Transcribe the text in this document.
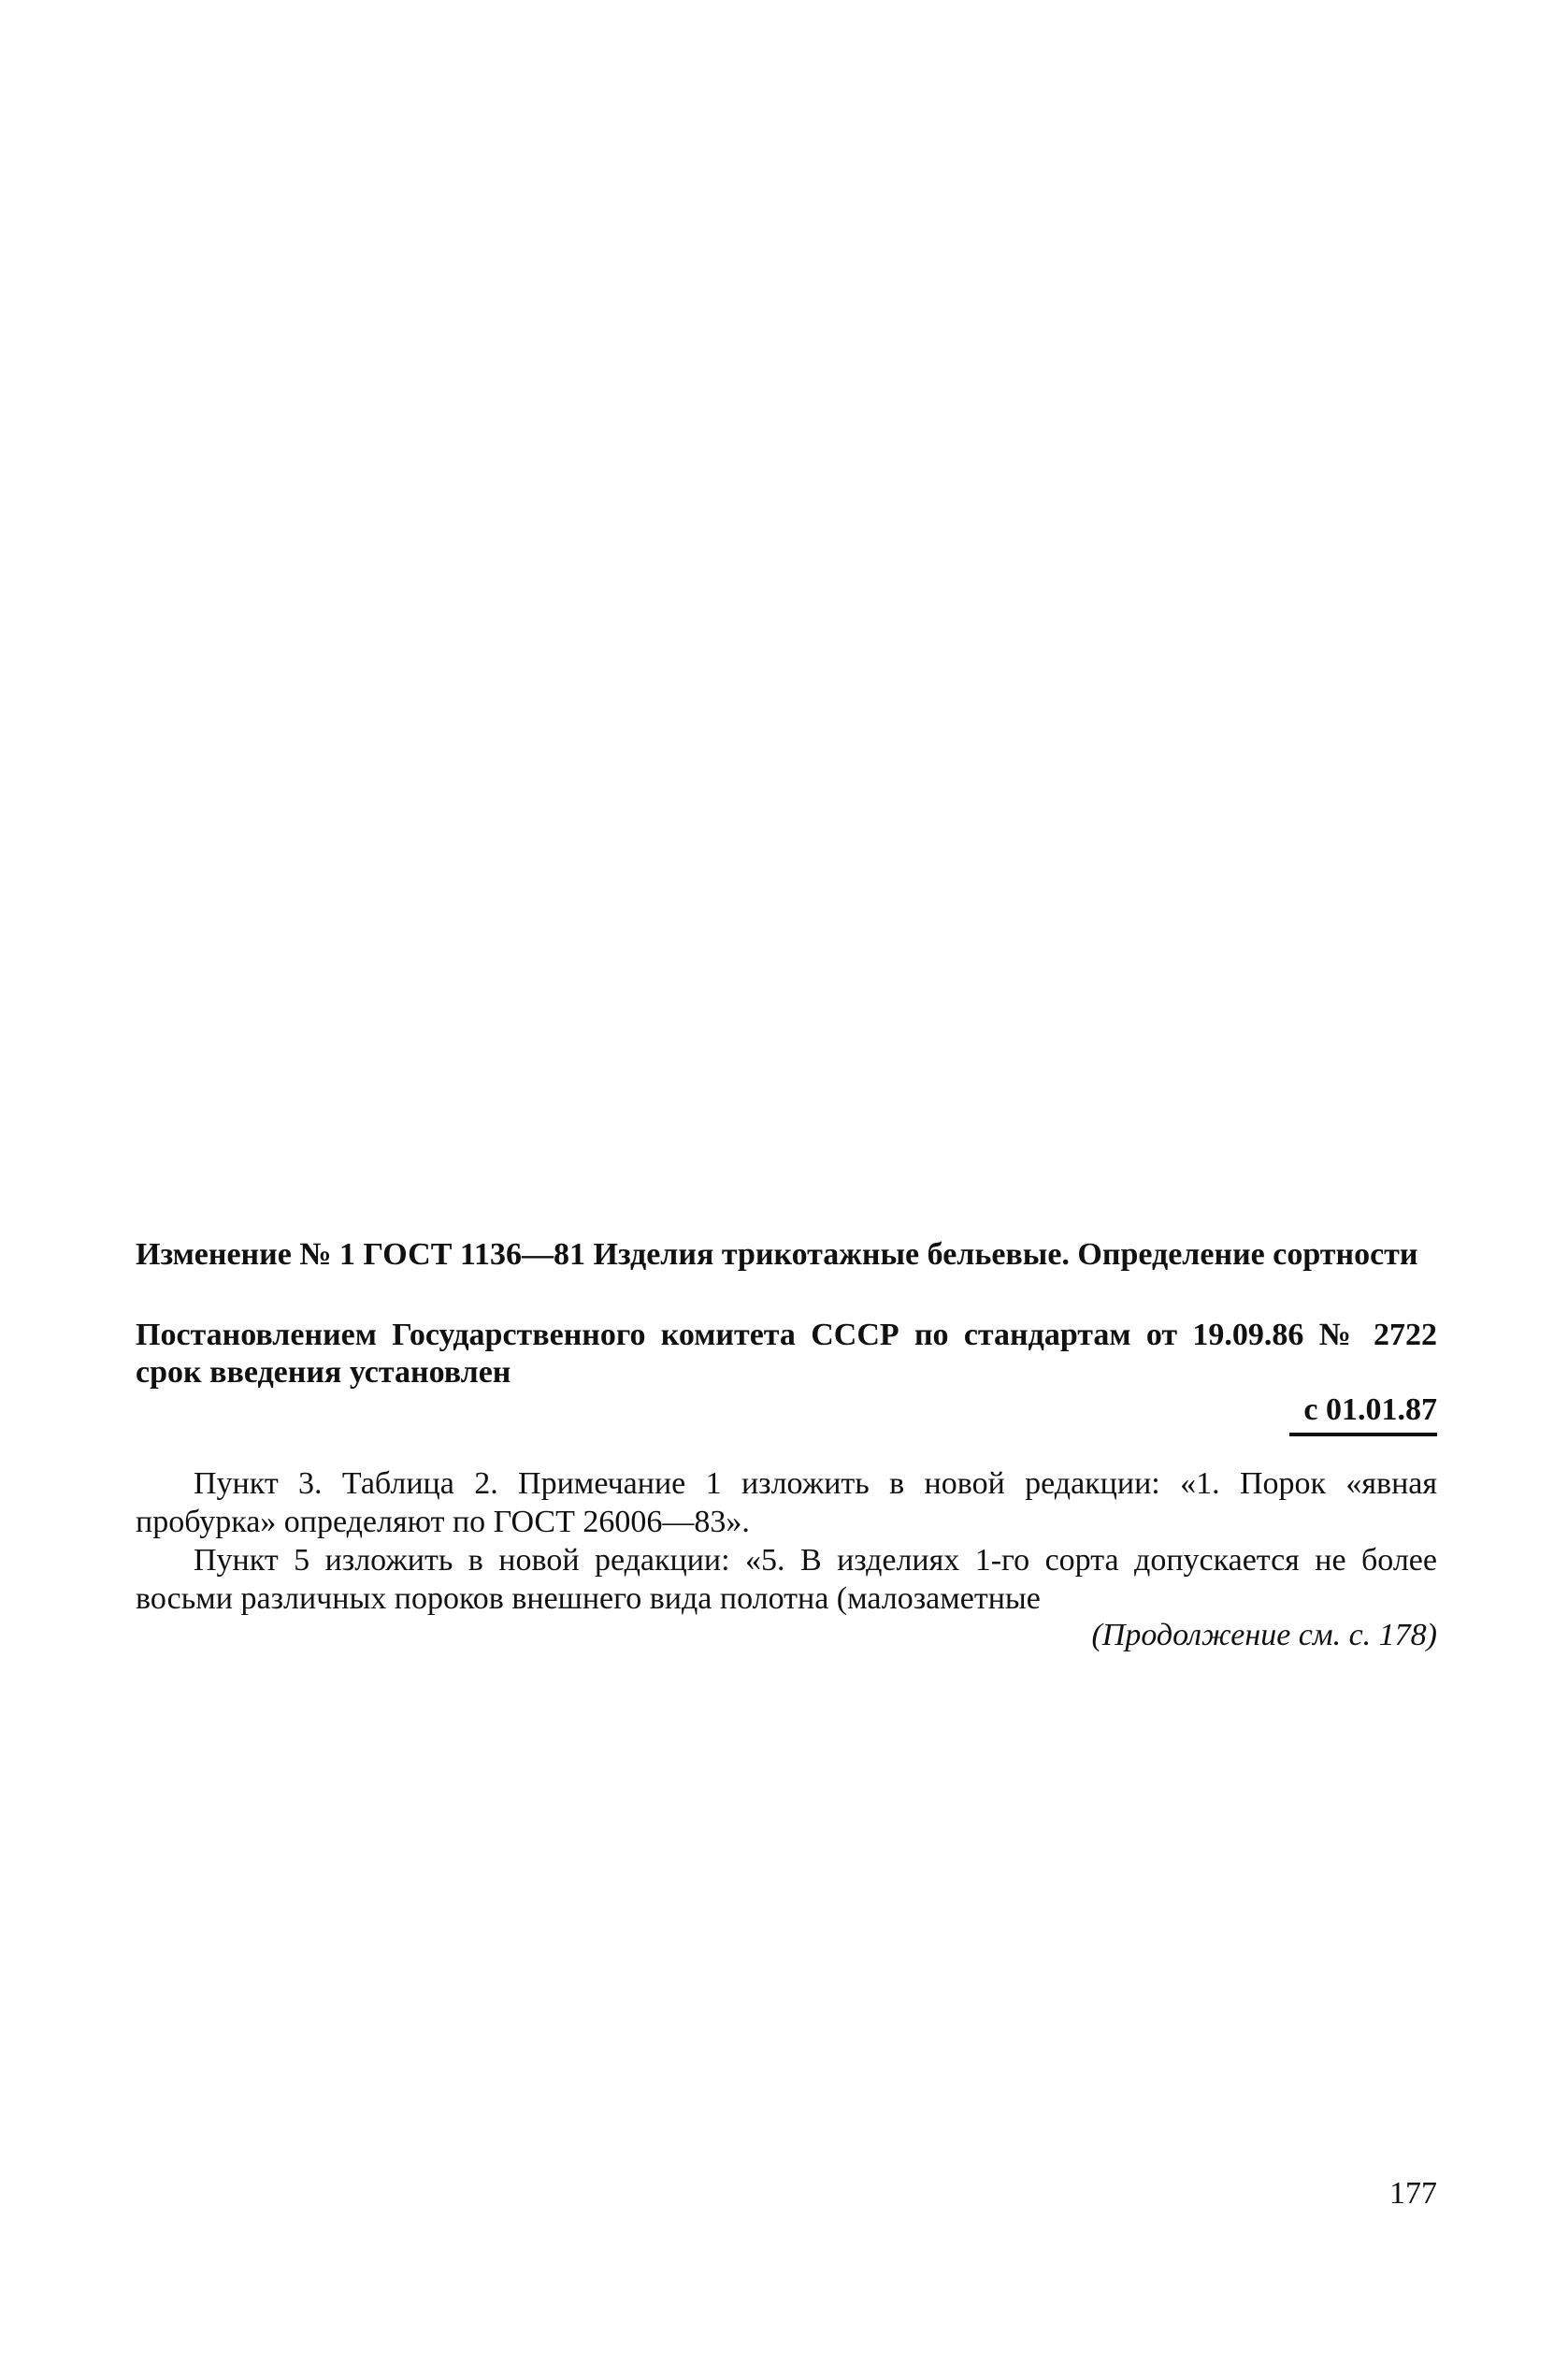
Изменение № 1 ГОСТ 1136—81 Изделия трикотажные бельевые. Определение сортности
Постановлением Государственного комитета СССР по стандартам от 19.09.86 № 2722 срок введения установлен
с 01.01.87

Пункт 3. Таблица 2. Примечание 1 изложить в новой редакции: «1. Порок «явная пробурка» определяют по ГОСТ 26006—83».

Пункт 5 изложить в новой редакции: «5. В изделиях 1-го сорта допускается не более восьми различных пороков внешнего вида полотна (малозаметные

(Продолжение см. с. 178)
177
